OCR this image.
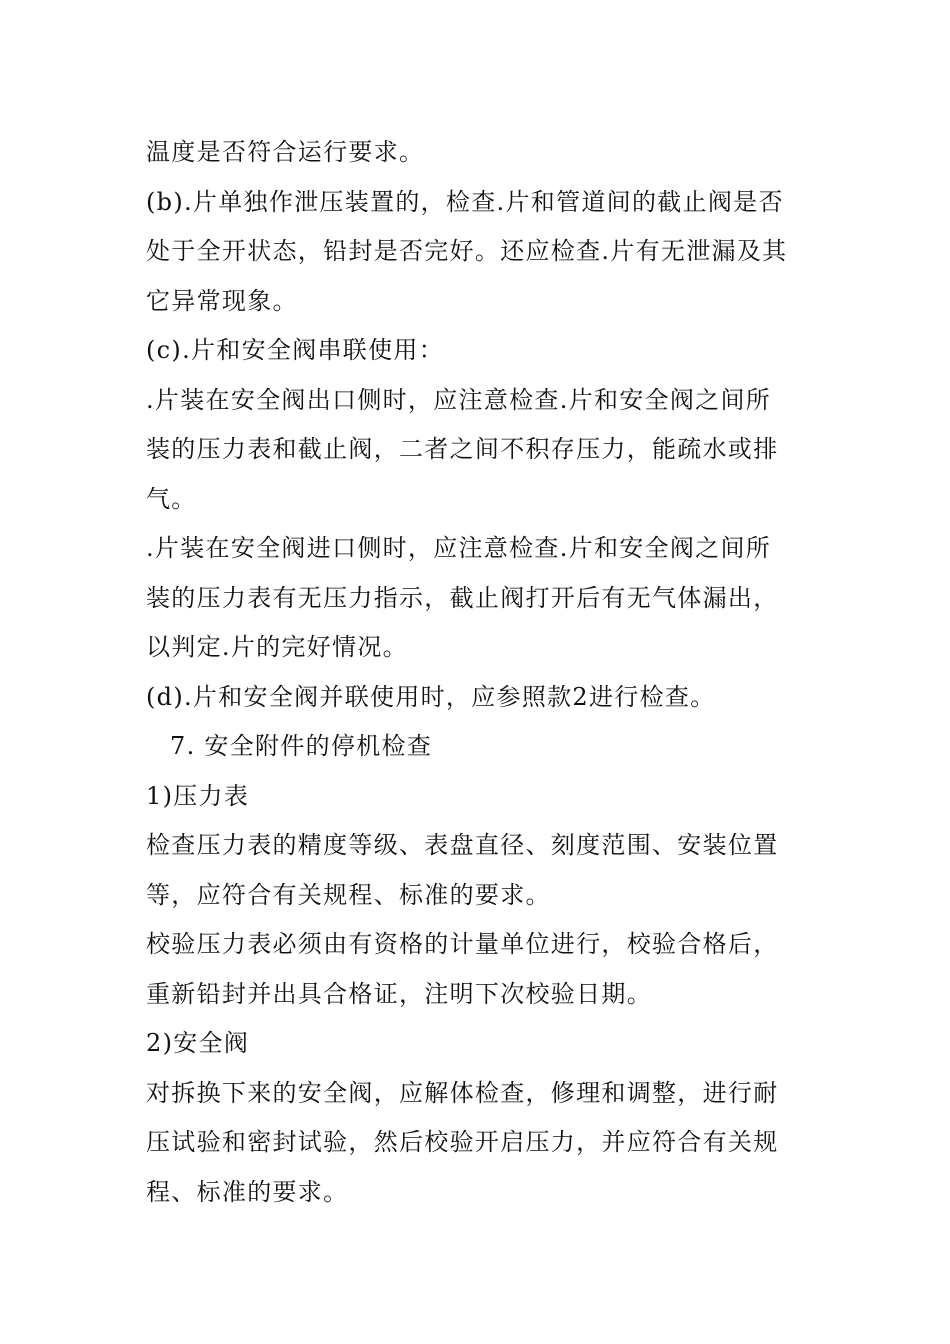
温度是否符合运行要求。
(b).片单独作泄压装置的，检查.片和管道间的截止阀是否
处于全开状态，铅封是否完好。还应检查.片有无泄漏及其
它异常现象。
(c).片和安全阀串联使用：
.片装在安全阀出口侧时，应注意检查.片和安全阀之间所
装的压力表和截止阀，二者之间不积存压力，能疏水或排
气。
.片装在安全阀进口侧时，应注意检查.片和安全阀之间所
装的压力表有无压力指示，截止阀打开后有无气体漏出，
以判定.片的完好情况。
(d).片和安全阀并联使用时，应参照款2进行检查。
7. 安全附件的停机检查
1)压力表
检查压力表的精度等级、表盘直径、刻度范围、安装位置
等，应符合有关规程、标准的要求。
校验压力表必须由有资格的计量单位进行，校验合格后，
重新铅封并出具合格证，注明下次校验日期。
2)安全阀
对拆换下来的安全阀，应解体检查，修理和调整，进行耐
压试验和密封试验，然后校验开启压力，并应符合有关规
程、标准的要求。
